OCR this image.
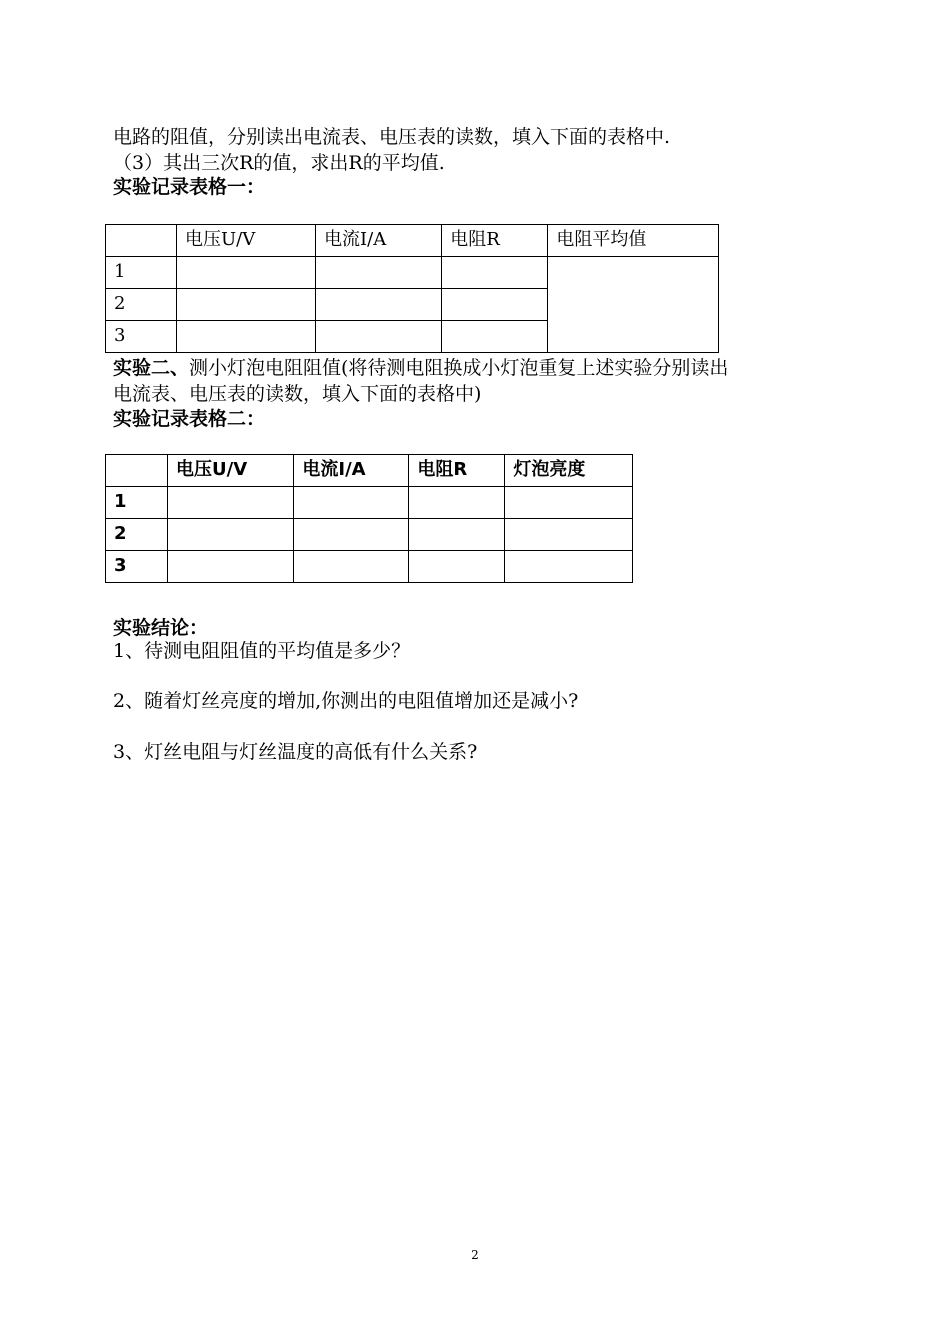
电路的阻值，分别读出电流表、电压表的读数，填入下面的表格中.
（3）其出三次R的值，求出R的平均值.
实验记录表格一：
	电压U/V	电流I/A	电阻R	电阻平均值
1				
2				
3				
实验二、测小灯泡电阻阻值(将待测电阻换成小灯泡重复上述实验分别读出
电流表、电压表的读数，填入下面的表格中)
实验记录表格二：
	电压U/V	电流I/A	电阻R	灯泡亮度
1				
2				
3				
实验结论：
1、待测电阻阻值的平均值是多少？
2、随着灯丝亮度的增加,你测出的电阻值增加还是减小?
3、灯丝电阻与灯丝温度的高低有什么关系?
2
